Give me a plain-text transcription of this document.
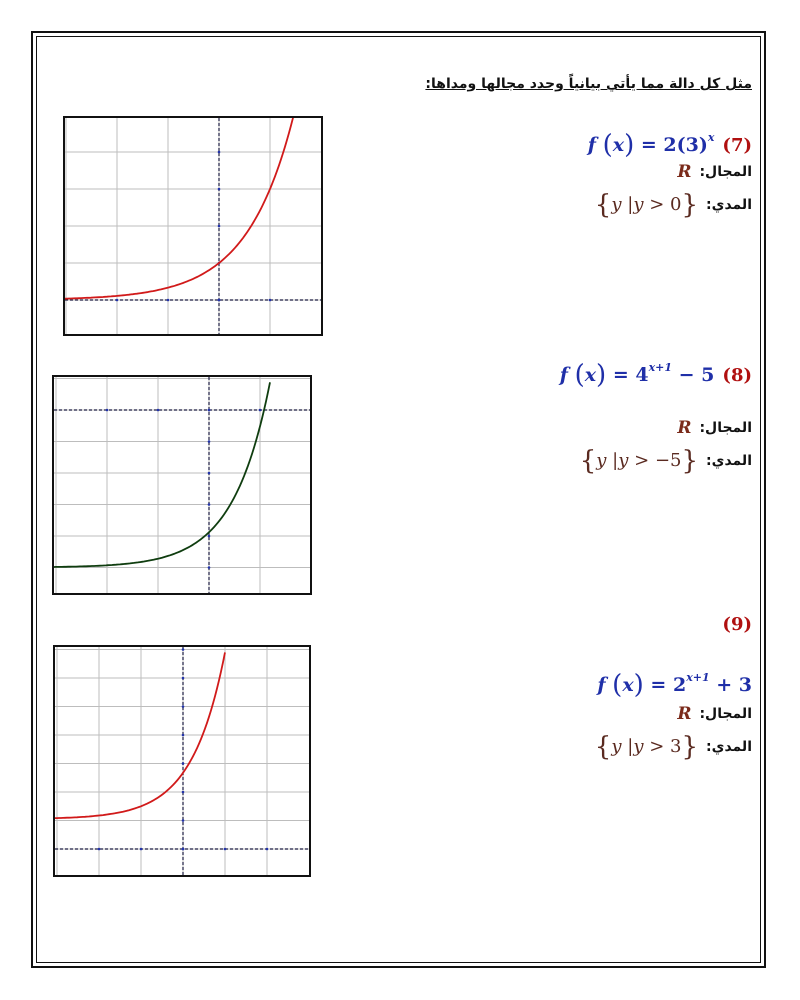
مثل كل دالة مما يأتي بيانياً وحدد مجالها ومداها:
(7)
f $(x) = 2(3)^x$
المجال:
R
المدي:
{y |y > 0}
(8)
f $(x) = 4^{x+1} - 5$
المجال:
R
المدي:
{y |y > −5}
(9)
f $(x) = 2^{x+1} + 3$
المجال:
R
المدي:
{y |y > 3}
